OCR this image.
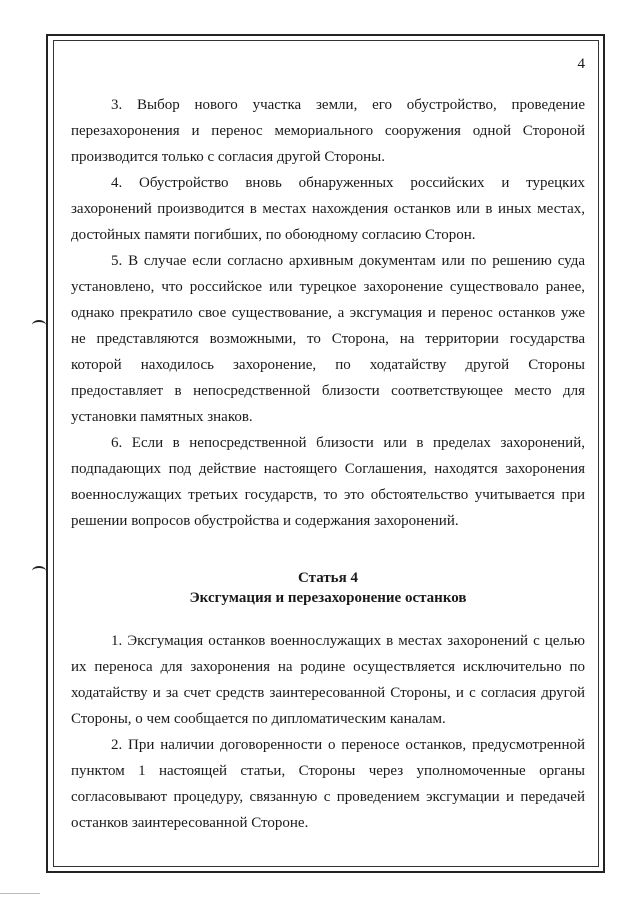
4

3. Выбор нового участка земли, его обустройство, проведение перезахоронения и перенос мемориального сооружения одной Стороной производится только с согласия другой Стороны.

4. Обустройство вновь обнаруженных российских и турецких захоронений производится в местах нахождения останков или в иных местах, достойных памяти погибших, по обоюдному согласию Сторон.

5. В случае если согласно архивным документам или по решению суда установлено, что российское или турецкое захоронение существовало ранее, однако прекратило свое существование, а эксгумация и перенос останков уже не представляются возможными, то Сторона, на территории государства которой находилось захоронение, по ходатайству другой Стороны предоставляет в непосредственной близости соответствующее место для установки памятных знаков.

6. Если в непосредственной близости или в пределах захоронений, подпадающих под действие настоящего Соглашения, находятся захоронения военнослужащих третьих государств, то это обстоятельство учитывается при решении вопросов обустройства и содержания захоронений.

Статья 4
Эксгумация и перезахоронение останков

1. Эксгумация останков военнослужащих в местах захоронений с целью их переноса для захоронения на родине осуществляется исключительно по ходатайству и за счет средств заинтересованной Стороны, и с согласия другой Стороны, о чем сообщается по дипломатическим каналам.

2. При наличии договоренности о переносе останков, предусмотренной пунктом 1 настоящей статьи, Стороны через уполномоченные органы согласовывают процедуру, связанную с проведением эксгумации и передачей останков заинтересованной Стороне.
